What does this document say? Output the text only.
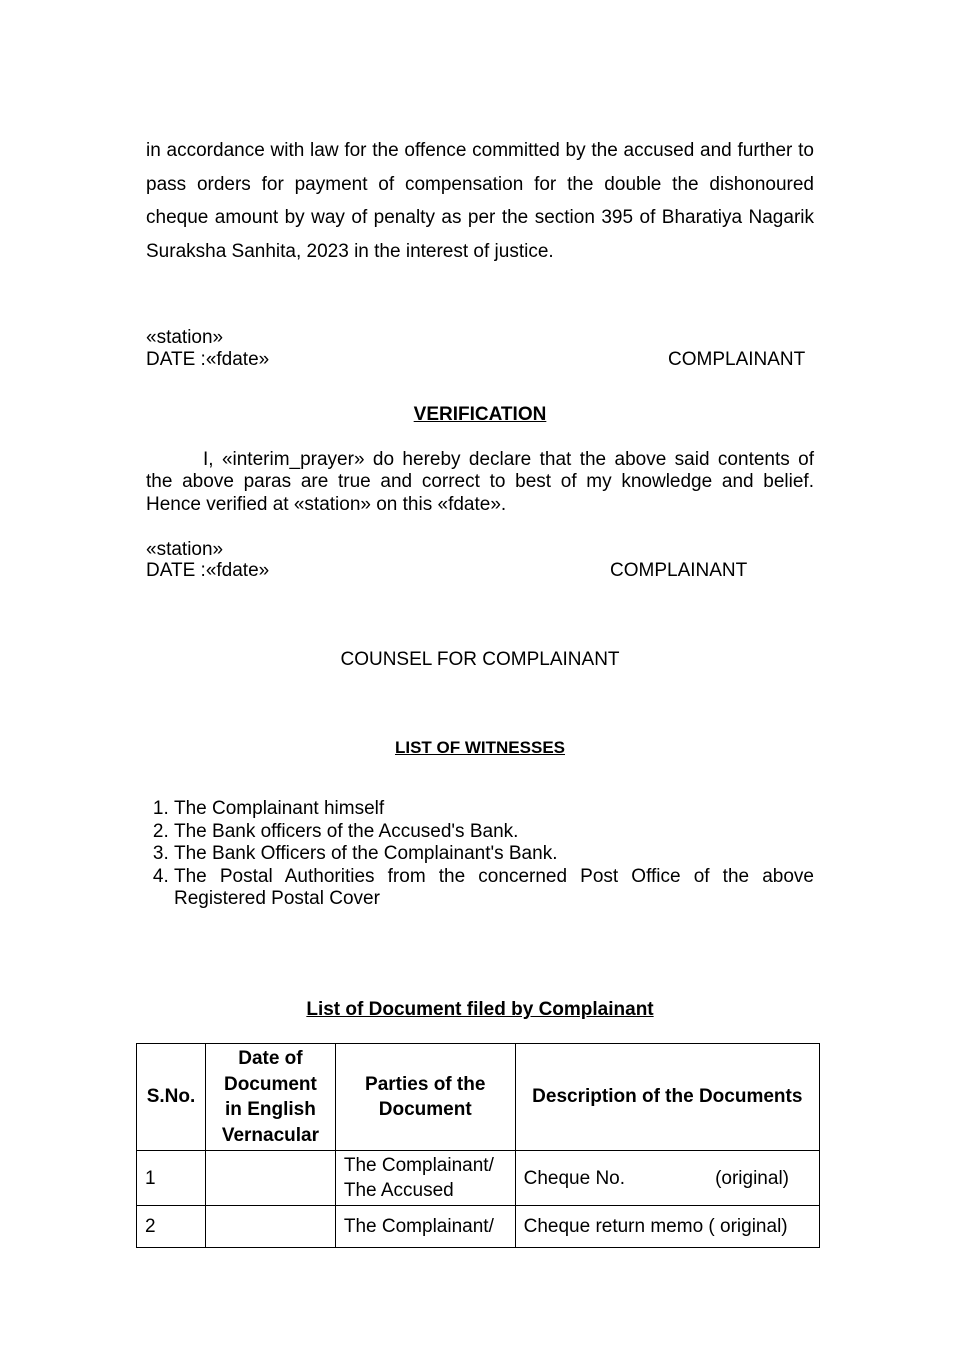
in accordance with law for the offence committed by the accused and further to pass orders for payment of compensation for the double the dishonoured cheque amount by way of penalty as per the section 395 of Bharatiya Nagarik Suraksha Sanhita, 2023 in the interest of justice.
«station»
DATE :«fdate»	COMPLAINANT
VERIFICATION
I, «interim_prayer» do hereby declare that the above said contents of the above paras are true and correct to best of my knowledge and belief. Hence verified at «station» on this «fdate».
«station»
DATE :«fdate»	COMPLAINANT
COUNSEL FOR COMPLAINANT
LIST OF WITNESSES
1. The Complainant himself
2. The Bank officers of the Accused's Bank.
3. The Bank Officers of the Complainant's Bank.
4. The Postal Authorities from the concerned Post Office of the above Registered Postal Cover
List of Document filed by Complainant
S.No.	Date of Document in English Vernacular	Parties of the Document	Description of the Documents
1		The Complainant/ The Accused	Cheque No. (original)

2		The Complainant/	Cheque return memo ( original)
